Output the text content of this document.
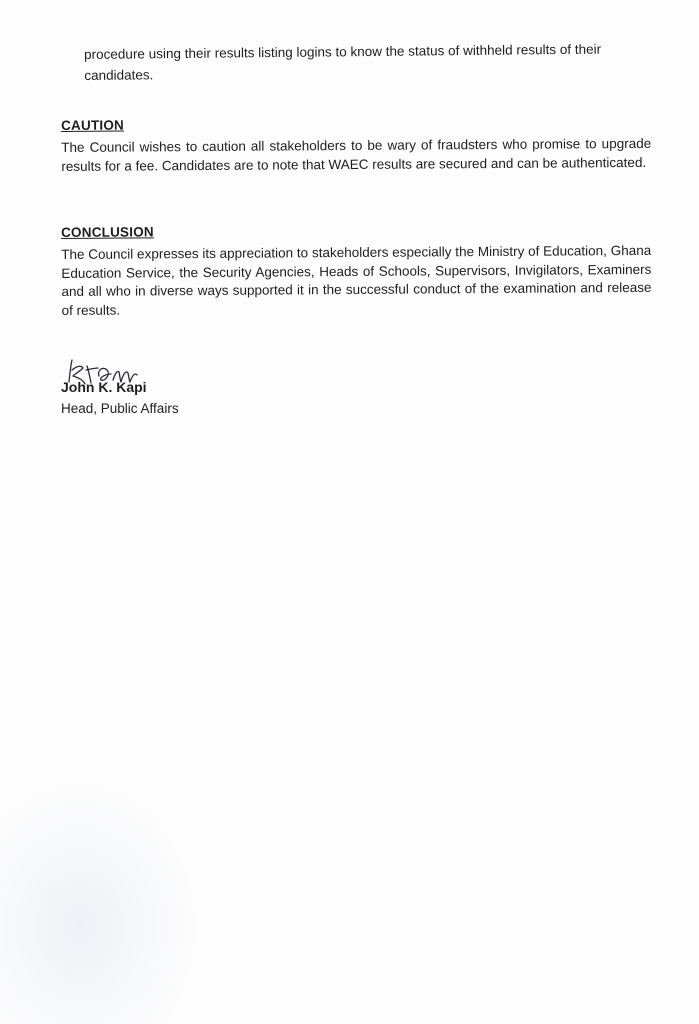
procedure using their results listing logins to know the status of withheld results of their candidates.
CAUTION
The Council wishes to caution all stakeholders to be wary of fraudsters who promise to upgrade results for a fee. Candidates are to note that WAEC results are secured and can be authenticated.
CONCLUSION
The Council expresses its appreciation to stakeholders especially the Ministry of Education, Ghana Education Service, the Security Agencies, Heads of Schools, Supervisors, Invigilators, Examiners and all who in diverse ways supported it in the successful conduct of the examination and release of results.
John K. Kapi
Head, Public Affairs
